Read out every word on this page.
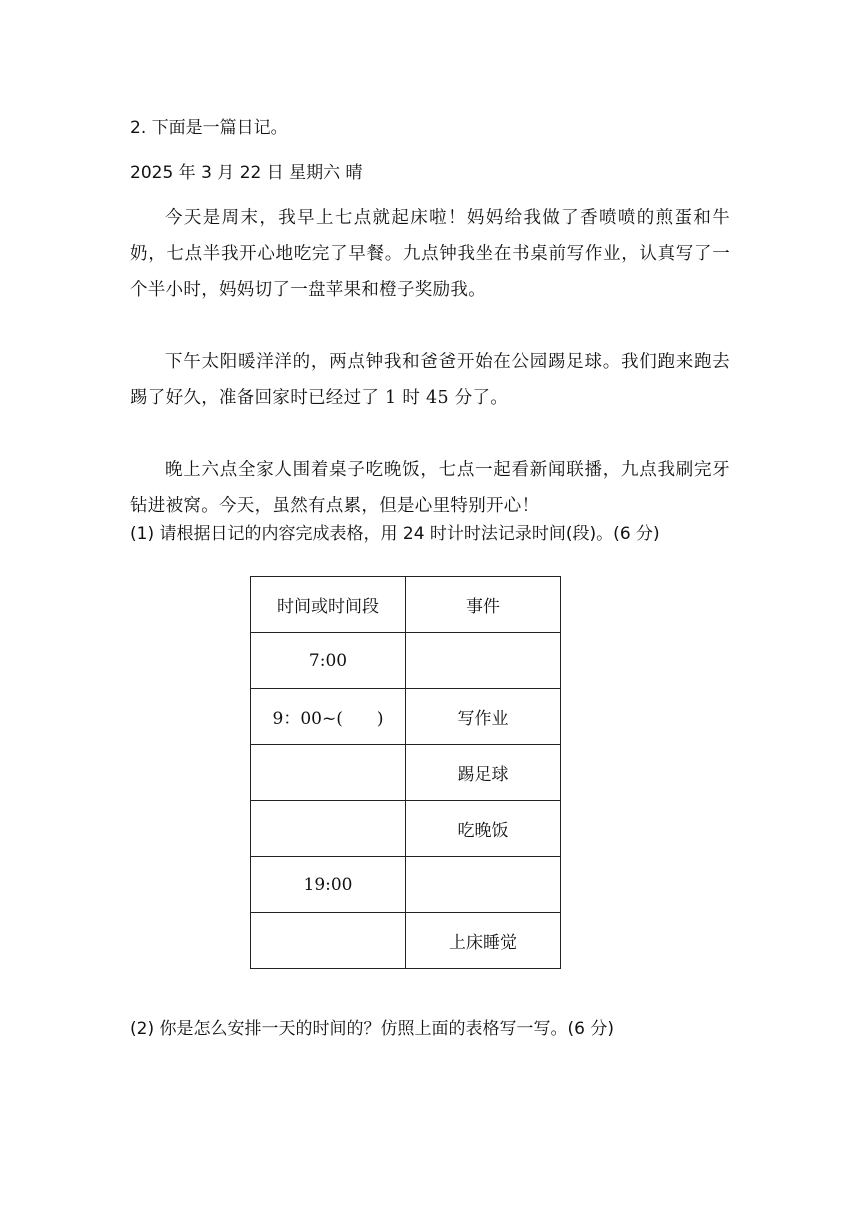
2. 下面是一篇日记。
2025 年 3 月 22 日 星期六 晴
今天是周末，我早上七点就起床啦！妈妈给我做了香喷喷的煎蛋和牛奶，七点半我开心地吃完了早餐。九点钟我坐在书桌前写作业，认真写了一个半小时，妈妈切了一盘苹果和橙子奖励我。
下午太阳暖洋洋的，两点钟我和爸爸开始在公园踢足球。我们跑来跑去踢了好久，准备回家时已经过了 1 时 45 分了。
晚上六点全家人围着桌子吃晚饭，七点一起看新闻联播，九点我刷完牙钻进被窝。今天，虽然有点累，但是心里特别开心！
(1) 请根据日记的内容完成表格，用 24 时计时法记录时间(段)。(6 分)
时间或时间段	事件
7:00	
9：00~(　　)	写作业
	踢足球
	吃晚饭
19:00	
	上床睡觉
(2) 你是怎么安排一天的时间的？仿照上面的表格写一写。(6 分)
